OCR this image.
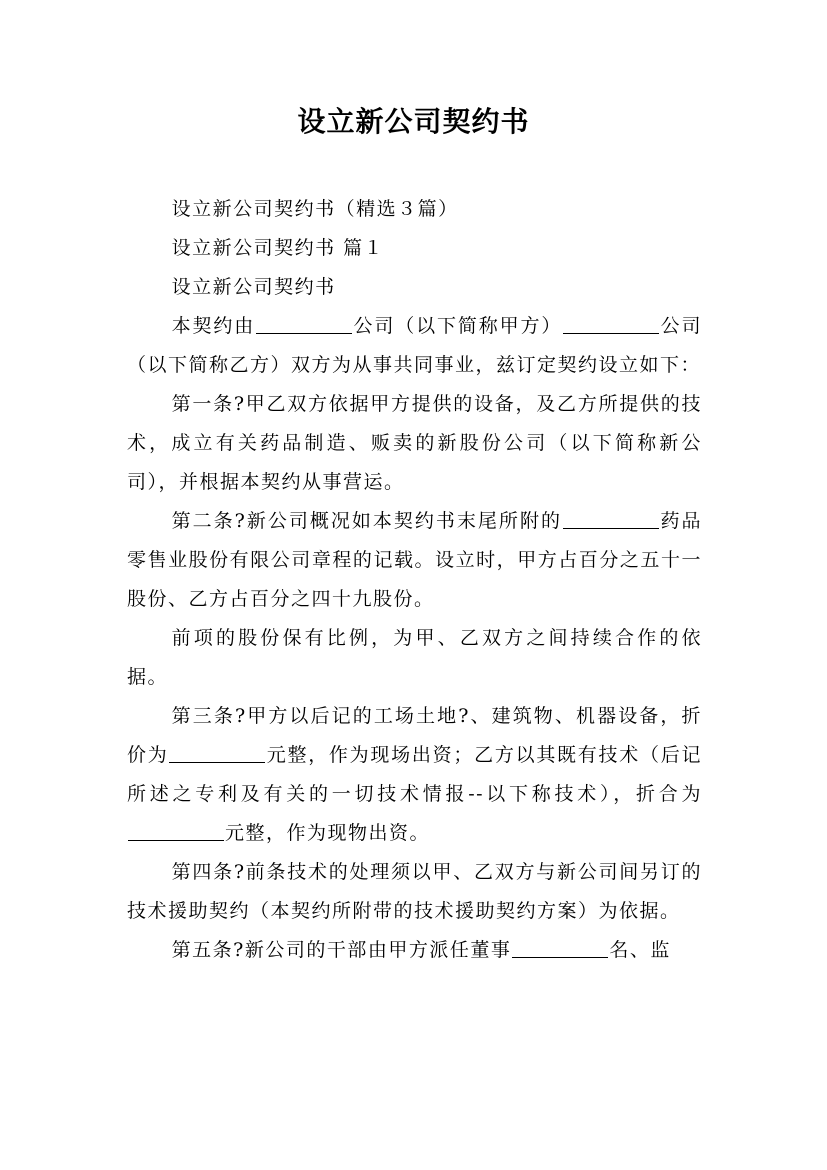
设立新公司契约书

设立新公司契约书（精选３篇）

设立新公司契约书 篇１

设立新公司契约书

本契约由	公司（以下简称甲方）	公司（以下简称乙方）双方为从事共同事业，兹订定契约设立如下：

第一条?甲乙双方依据甲方提供的设备，及乙方所提供的技术，成立有关药品制造、贩卖的新股份公司（以下简称新公司），并根据本契约从事营运。

第二条?新公司概况如本契约书末尾所附的	药品零售业股份有限公司章程的记载。设立时，甲方占百分之五十一股份、乙方占百分之四十九股份。

前项的股份保有比例，为甲、乙双方之间持续合作的依据。

第三条?甲方以后记的工场土地?、建筑物、机器设备，折价为	元整，作为现场出资；乙方以其既有技术（后记所述之专利及有关的一切技术情报--以下称技术），折合为元整，作为现物出资。

第四条?前条技术的处理须以甲、乙双方与新公司间另订的技术援助契约（本契约所附带的技术援助契约方案）为依据。

第五条?新公司的干部由甲方派任董事	名、监
